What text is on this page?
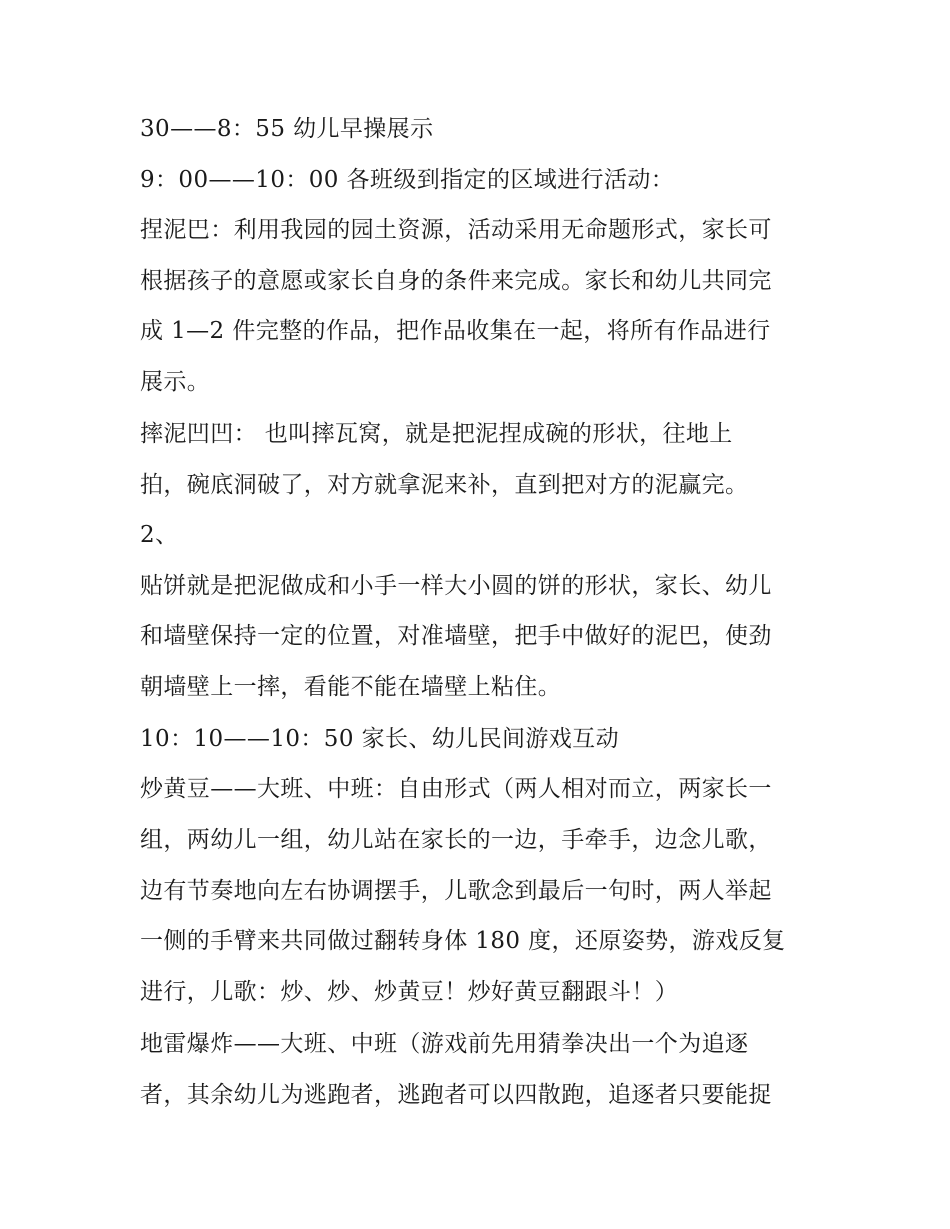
30——8：55 幼儿早操展示

9：00——10：00 各班级到指定的区域进行活动：

捏泥巴：利用我园的园土资源，活动采用无命题形式，家长可

根据孩子的意愿或家长自身的条件来完成。家长和幼儿共同完

成 1—2 件完整的作品，把作品收集在一起，将所有作品进行

展示。

摔泥凹凹： 也叫摔瓦窝，就是把泥捏成碗的形状，往地上

拍，碗底洞破了，对方就拿泥来补，直到把对方的泥赢完。

2、

贴饼就是把泥做成和小手一样大小圆的饼的形状，家长、幼儿

和墙壁保持一定的位置，对准墙壁，把手中做好的泥巴，使劲

朝墙壁上一摔，看能不能在墙壁上粘住。

10：10——10：50 家长、幼儿民间游戏互动

炒黄豆——大班、中班：自由形式（两人相对而立，两家长一

组，两幼儿一组，幼儿站在家长的一边，手牵手，边念儿歌，

边有节奏地向左右协调摆手，儿歌念到最后一句时，两人举起

一侧的手臂来共同做过翻转身体 180 度，还原姿势，游戏反复

进行，儿歌：炒、炒、炒黄豆！炒好黄豆翻跟斗！）

地雷爆炸——大班、中班（游戏前先用猜拳决出一个为追逐

者，其余幼儿为逃跑者，逃跑者可以四散跑，追逐者只要能捉
